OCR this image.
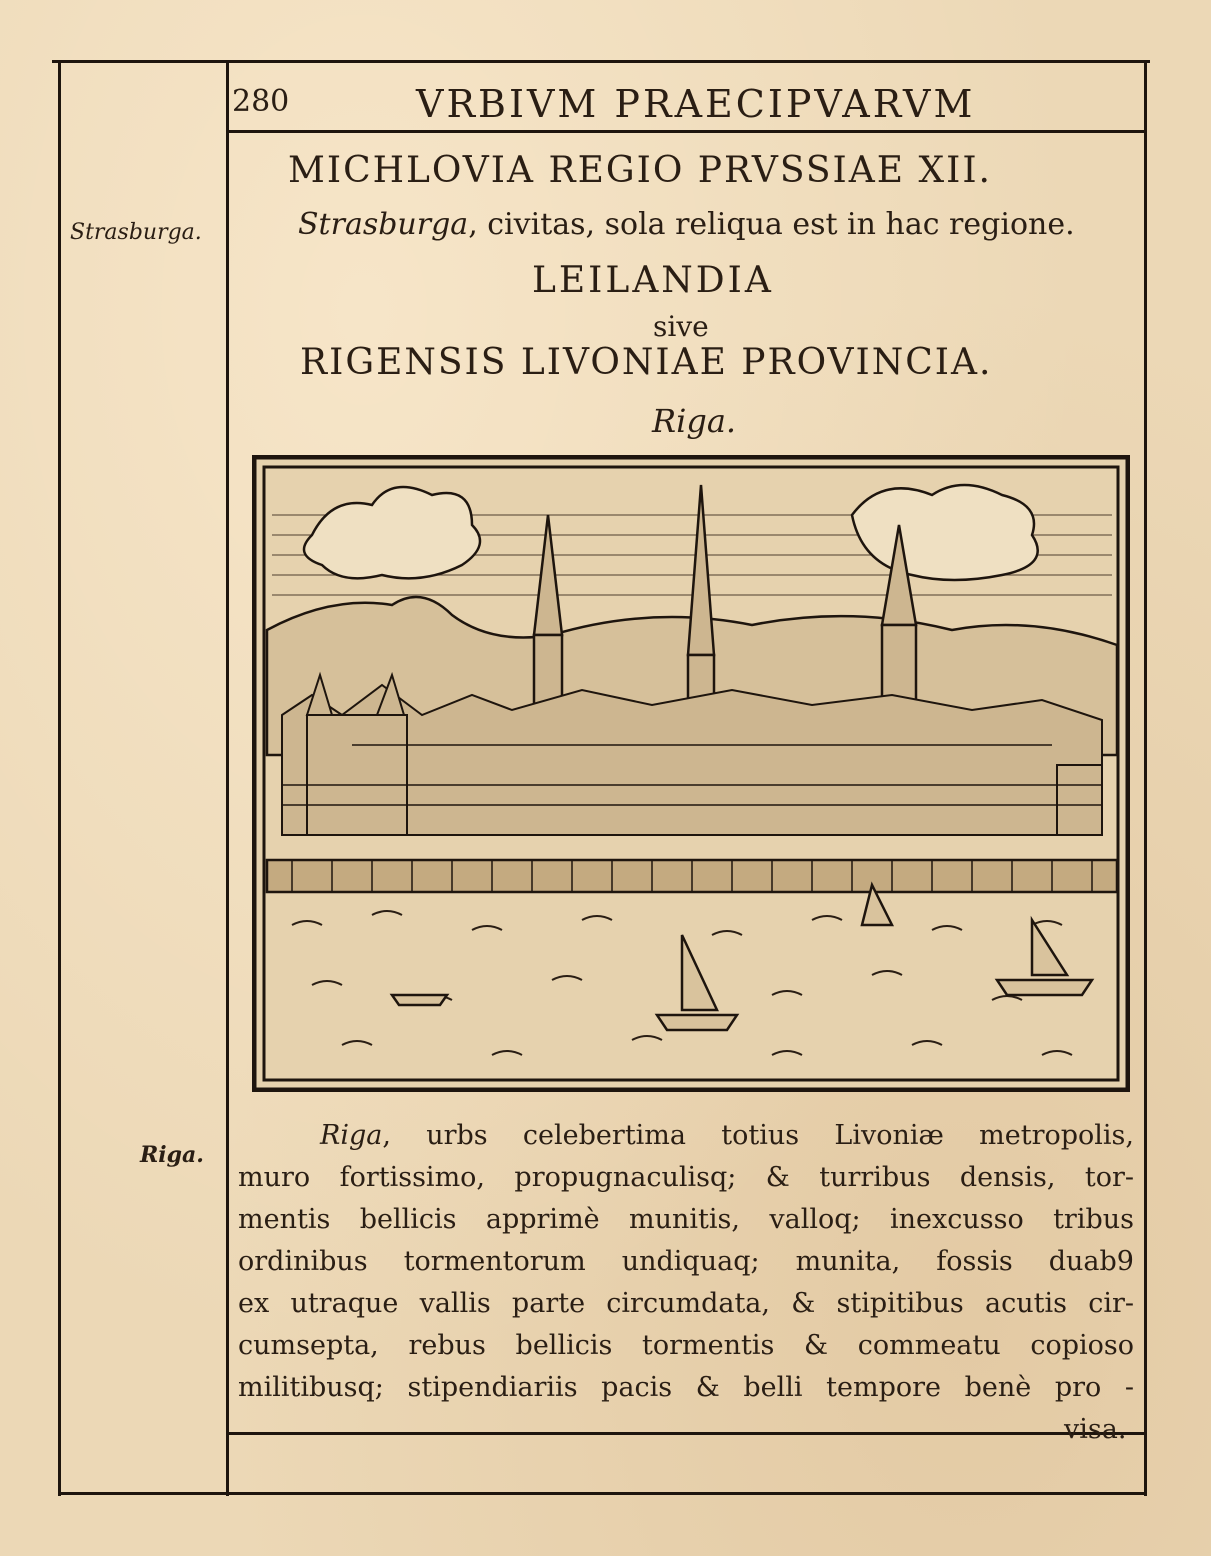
280	VRBIVM PRAECIPVARVM
MICHLOVIA REGIO PRVSSIAE XII.
Strasburga, civitas, sola reliqua est in hac regione.
LEILANDIA
sive
RIGENSIS LIVONIAE PROVINCIA.
Riga.
Strasburga.
Riga.
Riga, urbs celebertima totius Livoniæ metropolis,
muro fortissimo, propugnaculisq; & turribus densis, tor-
mentis bellicis apprimè munitis, valloq; inexcusso tribus
ordinibus tormentorum undiquaq; munita, fossis duab9
ex utraque vallis parte circumdata, & stipitibus acutis cir-
cumsepta, rebus bellicis tormentis & commeatu copioso
militibusq; stipendiariis pacis & belli tempore benè pro -
visa.
